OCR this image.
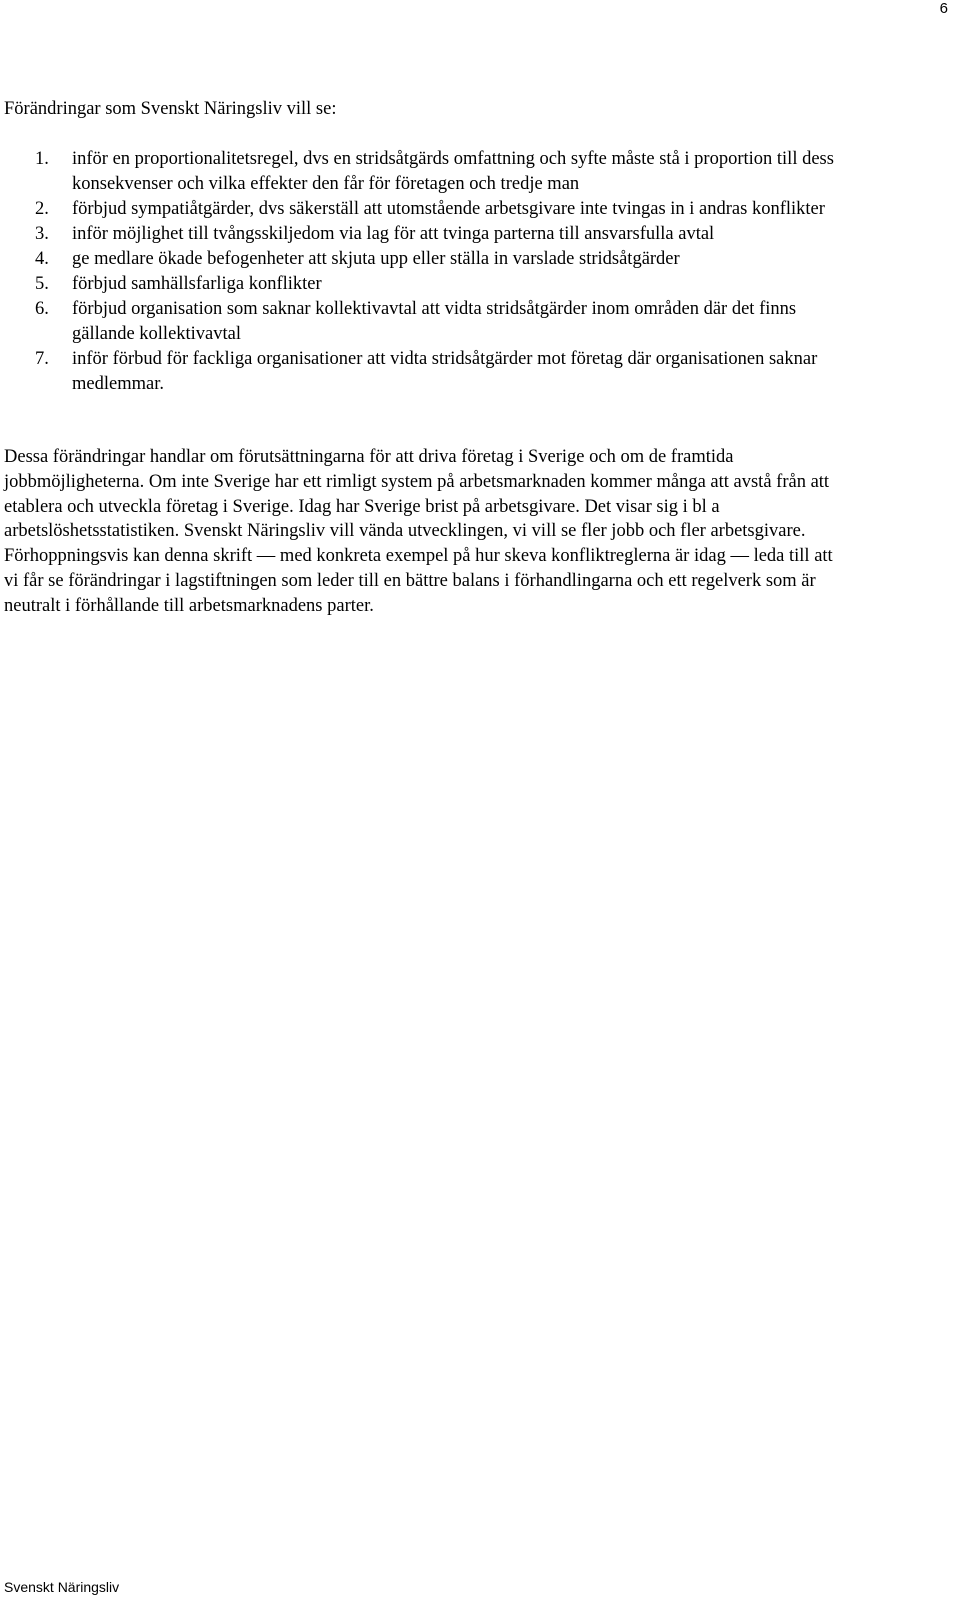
6

Förändringar som Svenskt Näringsliv vill se:

1. inför en proportionalitetsregel, dvs en stridsåtgärds omfattning och syfte måste stå i proportion till dess konsekvenser och vilka effekter den får för företagen och tredje man
2. förbjud sympatiåtgärder, dvs säkerställ att utomstående arbetsgivare inte tvingas in i andras konflikter
3. inför möjlighet till tvångsskiljedom via lag för att tvinga parterna till ansvarsfulla avtal
4. ge medlare ökade befogenheter att skjuta upp eller ställa in varslade stridsåtgärder
5. förbjud samhällsfarliga konflikter
6. förbjud organisation som saknar kollektivavtal att vidta stridsåtgärder inom områden där det finns gällande kollektivavtal
7. inför förbud för fackliga organisationer att vidta stridsåtgärder mot företag där organisationen saknar medlemmar.

Dessa förändringar handlar om förutsättningarna för att driva företag i Sverige och om de framtida jobbmöjligheterna. Om inte Sverige har ett rimligt system på arbetsmarknaden kommer många att avstå från att etablera och utveckla företag i Sverige. Idag har Sverige brist på arbetsgivare. Det visar sig i bl a arbetslöshetsstatistiken. Svenskt Näringsliv vill vända utvecklingen, vi vill se fler jobb och fler arbetsgivare. Förhoppningsvis kan denna skrift — med konkreta exempel på hur skeva konfliktreglerna är idag — leda till att vi får se förändringar i lagstiftningen som leder till en bättre balans i förhandlingarna och ett regelverk som är neutralt i förhållande till arbetsmarknadens parter.

Svenskt Näringsliv
